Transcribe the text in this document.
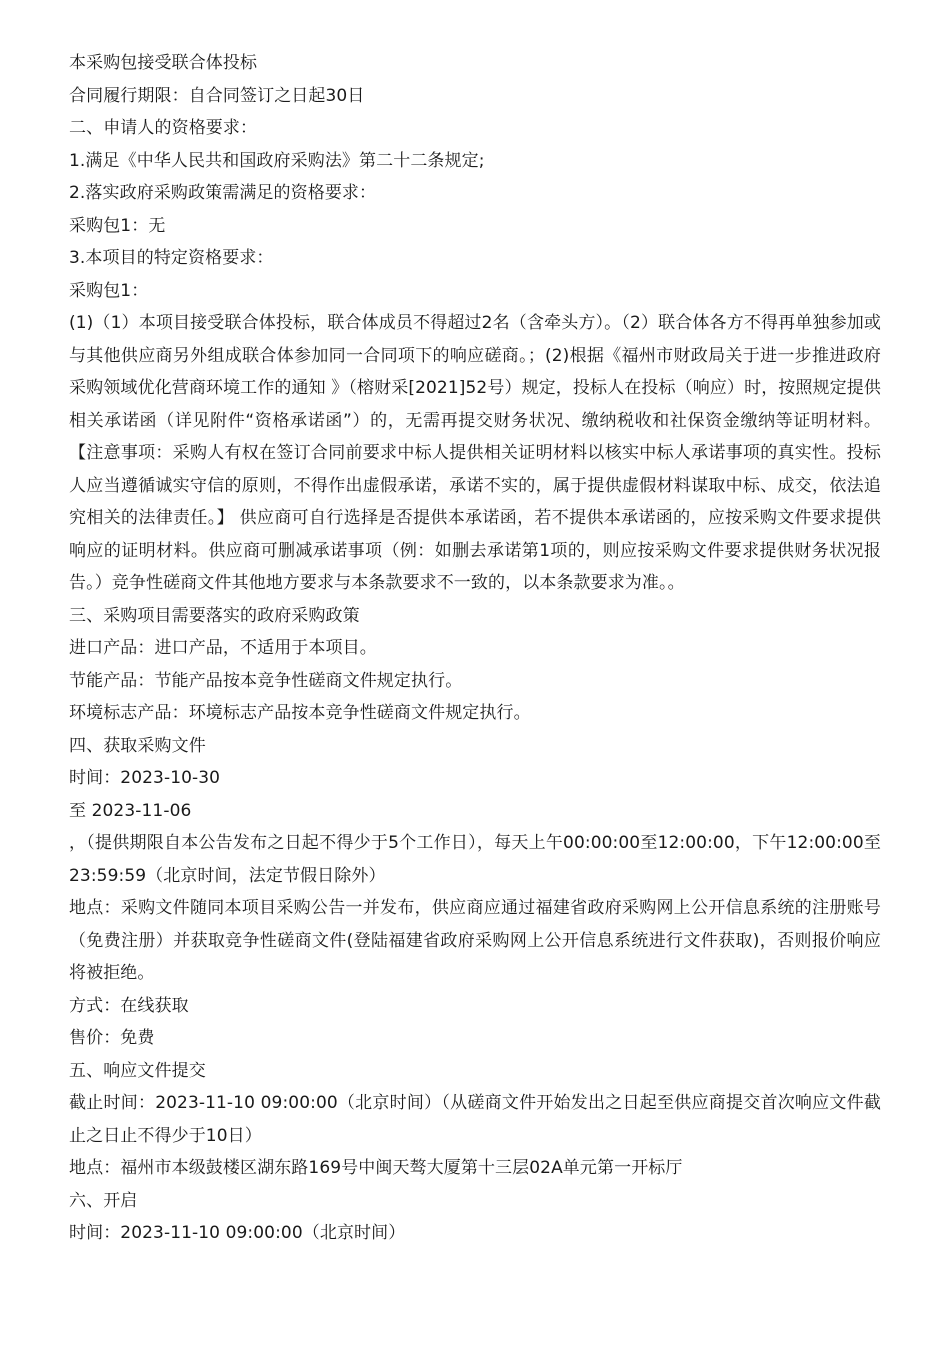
本采购包接受联合体投标

合同履行期限：自合同签订之日起30日

二、申请人的资格要求：

1.满足《中华人民共和国政府采购法》第二十二条规定;

2.落实政府采购政策需满足的资格要求：

采购包1：无

3.本项目的特定资格要求：

采购包1：

(1)（1）本项目接受联合体投标，联合体成员不得超过2名（含牵头方）。（2）联合体各方不得再单独参加或与其他供应商另外组成联合体参加同一合同项下的响应磋商。；(2)根据《福州市财政局关于进一步推进政府采购领域优化营商环境工作的通知 》（榕财采[2021]52号）规定，投标人在投标（响应）时，按照规定提供相关承诺函（详见附件“资格承诺函”）的，无需再提交财务状况、缴纳税收和社保资金缴纳等证明材料。【注意事项：采购人有权在签订合同前要求中标人提供相关证明材料以核实中标人承诺事项的真实性。投标人应当遵循诚实守信的原则，不得作出虚假承诺，承诺不实的，属于提供虚假材料谋取中标、成交，依法追究相关的法律责任。】 供应商可自行选择是否提供本承诺函，若不提供本承诺函的，应按采购文件要求提供响应的证明材料。供应商可删减承诺事项（例：如删去承诺第1项的，则应按采购文件要求提供财务状况报告。）竞争性磋商文件其他地方要求与本条款要求不一致的，以本条款要求为准。。

三、采购项目需要落实的政府采购政策

进口产品：进口产品，不适用于本项目。

节能产品：节能产品按本竞争性磋商文件规定执行。

环境标志产品：环境标志产品按本竞争性磋商文件规定执行。

四、获取采购文件

时间：2023-10-30

至 2023-11-06

，（提供期限自本公告发布之日起不得少于5个工作日），每天上午00:00:00至12:00:00，下午12:00:00至23:59:59（北京时间，法定节假日除外）

地点：采购文件随同本项目采购公告一并发布，供应商应通过福建省政府采购网上公开信息系统的注册账号（免费注册）并获取竞争性磋商文件(登陆福建省政府采购网上公开信息系统进行文件获取)，否则报价响应将被拒绝。

方式：在线获取

售价：免费

五、响应文件提交

截止时间：2023-11-10 09:00:00（北京时间）（从磋商文件开始发出之日起至供应商提交首次响应文件截止之日止不得少于10日）

地点：福州市本级鼓楼区湖东路169号中闽天骜大厦第十三层02A单元第一开标厅

六、开启

时间：2023-11-10 09:00:00（北京时间）
